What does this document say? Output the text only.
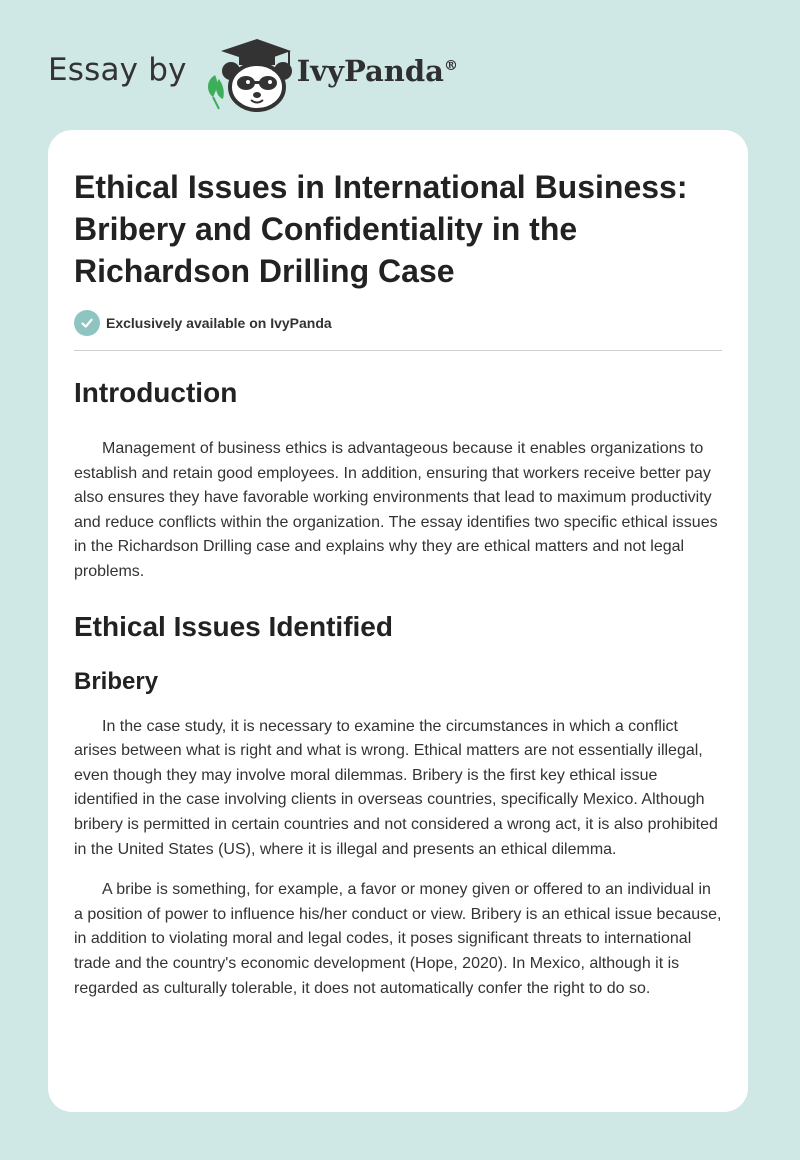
Essay by	IvyPanda®
Ethical Issues in International Business: Bribery and Confidentiality in the Richardson Drilling Case
Exclusively available on IvyPanda
Introduction

Management of business ethics is advantageous because it enables organizations to establish and retain good employees. In addition, ensuring that workers receive better pay also ensures they have favorable working environments that lead to maximum productivity and reduce conflicts within the organization. The essay identifies two specific ethical issues in the Richardson Drilling case and explains why they are ethical matters and not legal problems.

Ethical Issues Identified
Bribery

In the case study, it is necessary to examine the circumstances in which a conflict arises between what is right and what is wrong. Ethical matters are not essentially illegal, even though they may involve moral dilemmas. Bribery is the first key ethical issue identified in the case involving clients in overseas countries, specifically Mexico. Although bribery is permitted in certain countries and not considered a wrong act, it is also prohibited in the United States (US), where it is illegal and presents an ethical dilemma.

A bribe is something, for example, a favor or money given or offered to an individual in a position of power to influence his/her conduct or view. Bribery is an ethical issue because, in addition to violating moral and legal codes, it poses significant threats to international trade and the country's economic development (Hope, 2020). In Mexico, although it is regarded as culturally tolerable, it does not automatically confer the right to do so.
